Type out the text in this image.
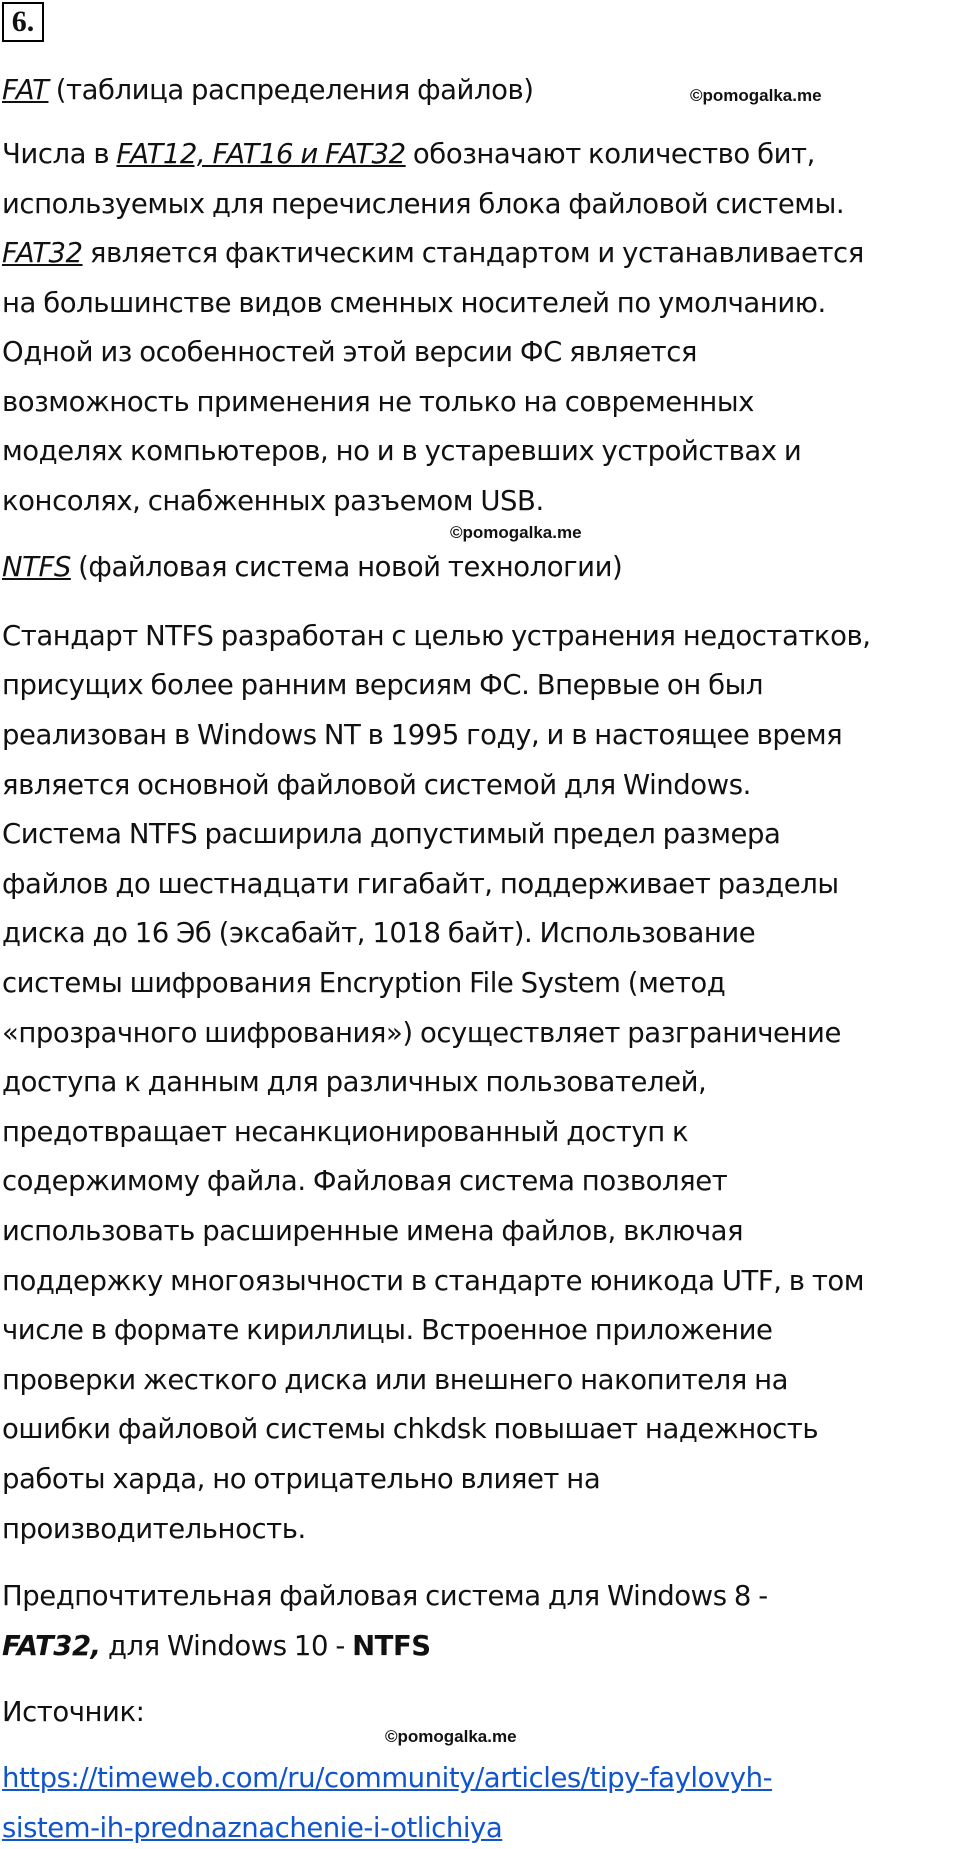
6.
FAT (таблица распределения файлов)	©pomogalka.me
Числа в FAT12, FAT16 и FAT32 обозначают количество бит,
используемых для перечисления блока файловой системы.
FAT32 является фактическим стандартом и устанавливается
на большинстве видов сменных носителей по умолчанию.
Одной из особенностей этой версии ФС является
возможность применения не только на современных
моделях компьютеров, но и в устаревших устройствах и
консолях, снабженных разъемом USB.
©pomogalka.me
NTFS (файловая система новой технологии)
Стандарт NTFS разработан с целью устранения недостатков,
присущих более ранним версиям ФС. Впервые он был
реализован в Windows NT в 1995 году, и в настоящее время
является основной файловой системой для Windows.
Система NTFS расширила допустимый предел размера
файлов до шестнадцати гигабайт, поддерживает разделы
диска до 16 Эб (эксабайт, 1018 байт). Использование
системы шифрования Encryption File System (метод
«прозрачного шифрования») осуществляет разграничение
доступа к данным для различных пользователей,
предотвращает несанкционированный доступ к
содержимому файла. Файловая система позволяет
использовать расширенные имена файлов, включая
поддержку многоязычности в стандарте юникода UTF, в том
числе в формате кириллицы. Встроенное приложение
проверки жесткого диска или внешнего накопителя на
ошибки файловой системы chkdsk повышает надежность
работы харда, но отрицательно влияет на
производительность.
Предпочтительная файловая система для Windows 8 -
FAT32, для Windows 10 - NTFS
Источник:
©pomogalka.me
https://timeweb.com/ru/community/articles/tipy-faylovyh-
sistem-ih-prednaznachenie-i-otlichiya
